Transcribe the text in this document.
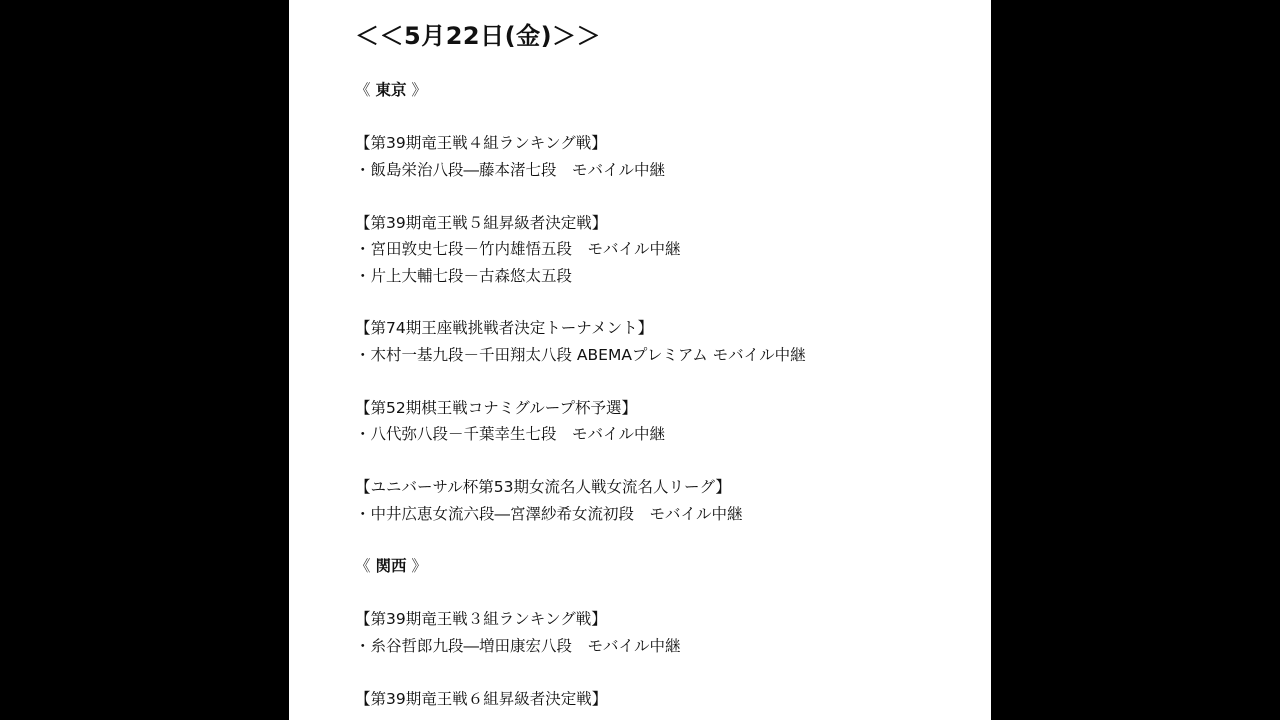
＜＜5月22日(金)＞＞
《 東京 》
【第39期竜王戦４組ランキング戦】
・飯島栄治八段―藤本渚七段　モバイル中継
【第39期竜王戦５組昇級者決定戦】
・宮田敦史七段－竹内雄悟五段　モバイル中継
・片上大輔七段－古森悠太五段
【第74期王座戦挑戦者決定トーナメント】
・木村一基九段－千田翔太八段 ABEMAプレミアム モバイル中継
【第52期棋王戦コナミグループ杯予選】
・八代弥八段－千葉幸生七段　モバイル中継
【ユニバーサル杯第53期女流名人戦女流名人リーグ】
・中井広恵女流六段―宮澤紗希女流初段　モバイル中継
《 関西 》
【第39期竜王戦３組ランキング戦】
・糸谷哲郎九段―増田康宏八段　モバイル中継
【第39期竜王戦６組昇級者決定戦】
